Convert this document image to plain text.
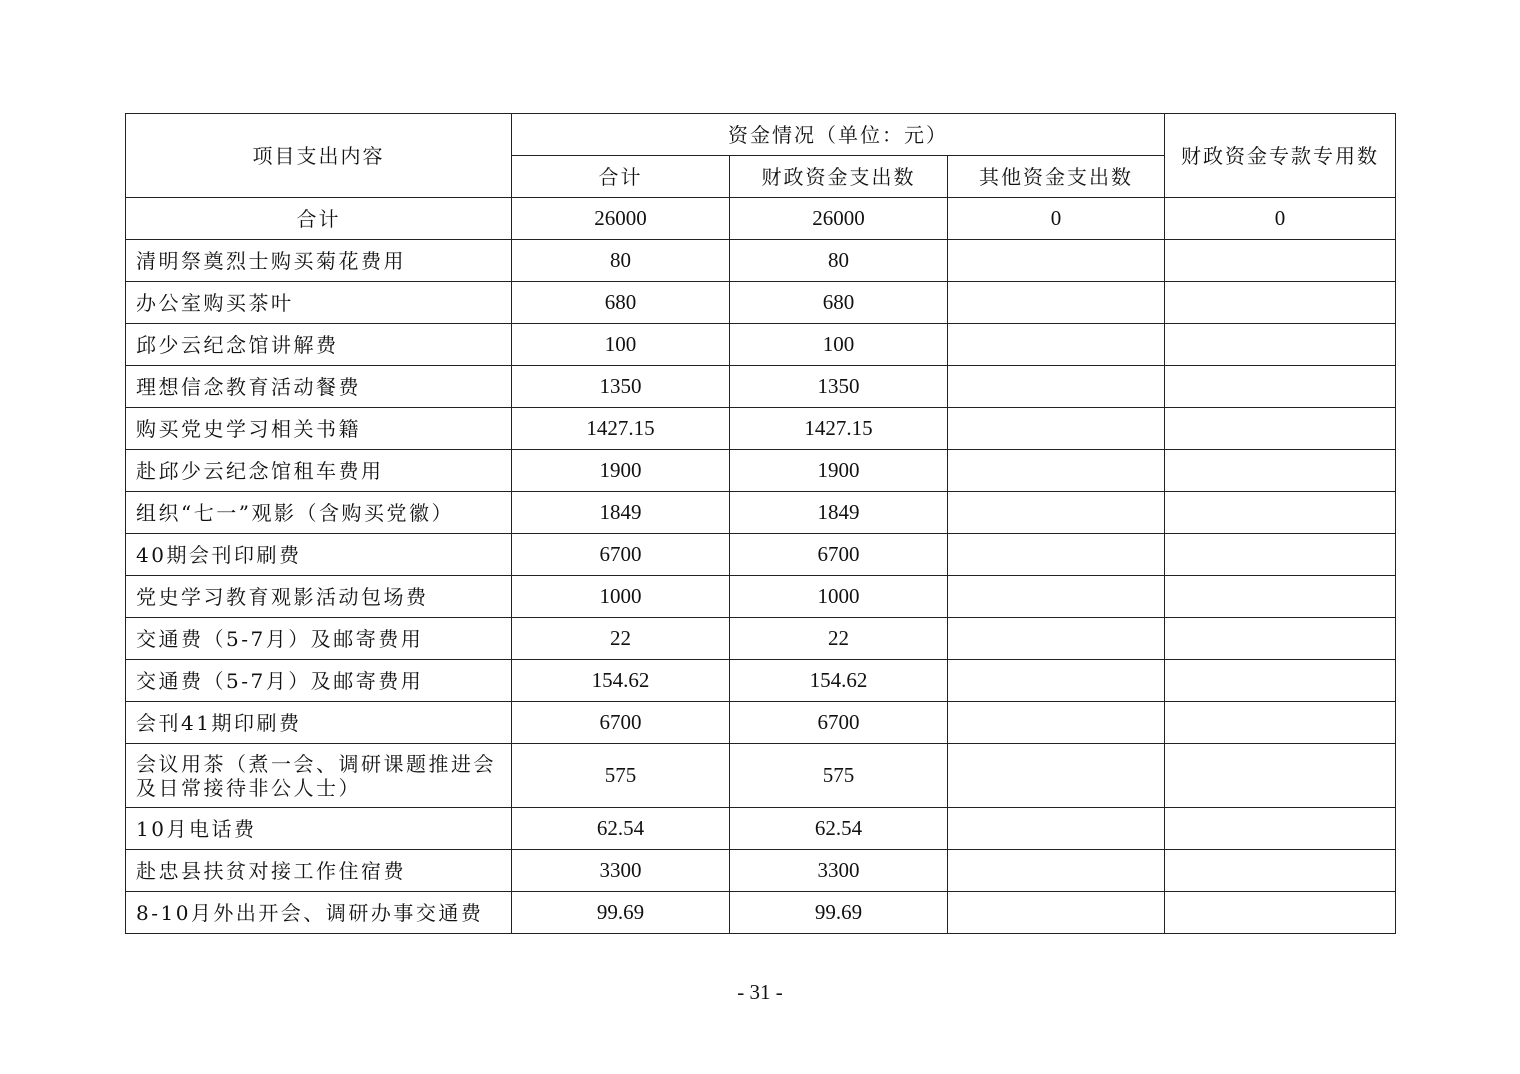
项目支出内容	资金情况（单位：元）			财政资金专款专用数
	合计	财政资金支出数	其他资金支出数	
合计	26000	26000	0	0
清明祭奠烈士购买菊花费用	80	80		
办公室购买茶叶	680	680		
邱少云纪念馆讲解费	100	100		
理想信念教育活动餐费	1350	1350		
购买党史学习相关书籍	1427.15	1427.15		
赴邱少云纪念馆租车费用	1900	1900		
组织“七一”观影（含购买党徽）	1849	1849		
40期会刊印刷费	6700	6700		
党史学习教育观影活动包场费	1000	1000		
交通费（5-7月）及邮寄费用	22	22		
交通费（5-7月）及邮寄费用	154.62	154.62		
会刊41期印刷费	6700	6700		
会议用茶（煮一会、调研课题推进会及日常接待非公人士）	575	575		
10月电话费	62.54	62.54		
赴忠县扶贫对接工作住宿费	3300	3300		
8-10月外出开会、调研办事交通费	99.69	99.69		
- 31 -
